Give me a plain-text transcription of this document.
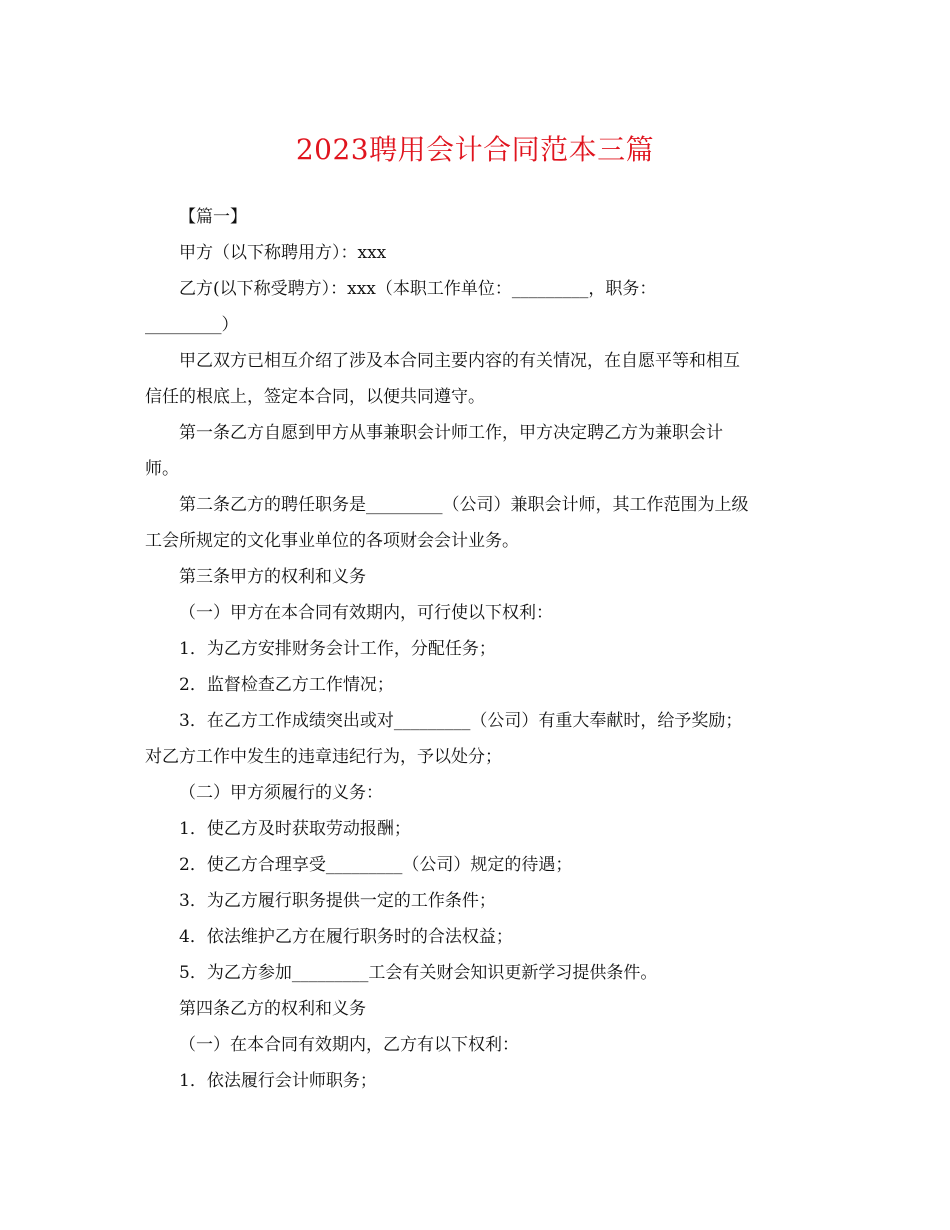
2023聘用会计合同范本三篇

【篇一】

甲方（以下称聘用方）：xxx

乙方(以下称受聘方）：xxx（本职工作单位：_________，职务：

_________）

甲乙双方已相互介绍了涉及本合同主要内容的有关情况，在自愿平等和相互

信任的根底上，签定本合同，以便共同遵守。

第一条乙方自愿到甲方从事兼职会计师工作，甲方决定聘乙方为兼职会计

师。

第二条乙方的聘任职务是_________（公司）兼职会计师，其工作范围为上级

工会所规定的文化事业单位的各项财会会计业务。

第三条甲方的权利和义务

（一）甲方在本合同有效期内，可行使以下权利：

1．为乙方安排财务会计工作，分配任务；

2．监督检查乙方工作情况；

3．在乙方工作成绩突出或对_________（公司）有重大奉献时，给予奖励；

对乙方工作中发生的违章违纪行为，予以处分；

（二）甲方须履行的义务：

1．使乙方及时获取劳动报酬；

2．使乙方合理享受_________（公司）规定的待遇；

3．为乙方履行职务提供一定的工作条件；

4．依法维护乙方在履行职务时的合法权益；

5．为乙方参加_________工会有关财会知识更新学习提供条件。

第四条乙方的权利和义务

（一）在本合同有效期内，乙方有以下权利：

1．依法履行会计师职务；
